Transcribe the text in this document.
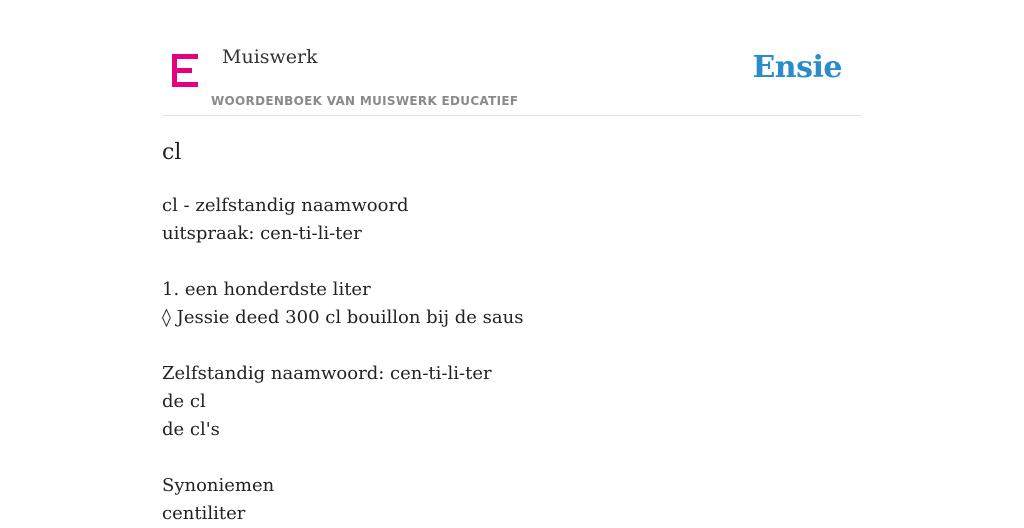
Muiswerk
WOORDENBOEK VAN MUISWERK EDUCATIEF
Ensie
cl
cl - zelfstandig naamwoord
uitspraak: cen-ti-li-ter
1. een honderdste liter
◊ Jessie deed 300 cl bouillon bij de saus
Zelfstandig naamwoord: cen-ti-li-ter
de cl
de cl's
Synoniemen
centiliter
